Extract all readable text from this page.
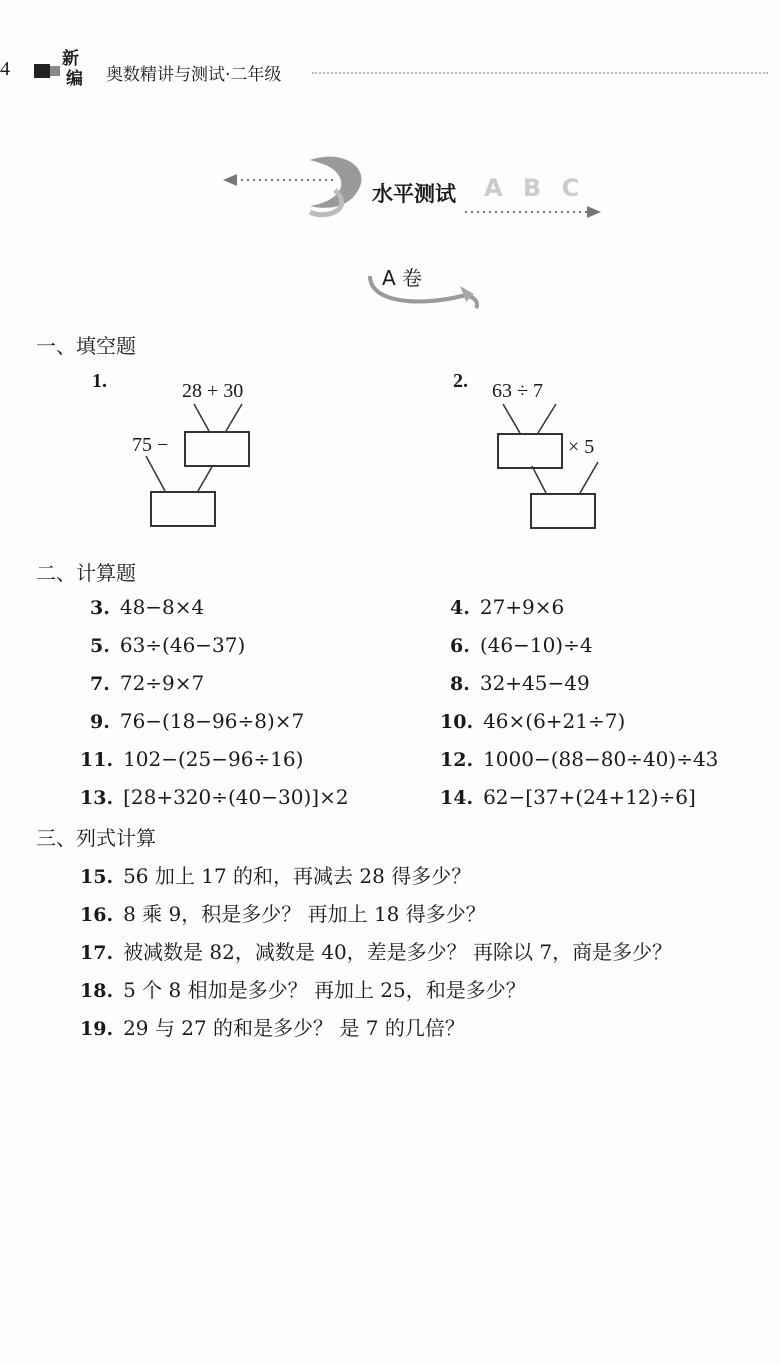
4	新
编 奥数精讲与测试·二年级
水平测试 A B C
A 卷
一、填空题
1.	28 + 30
75 −
2. 63 ÷ 7
× 5
二、计算题
3. 48−8×4	4. 27+9×6
5. 63÷(46−37)	6. (46−10)÷4
7. 72÷9×7	8. 32+45−49
9. 76−(18−96÷8)×7	10. 46×(6+21÷7)
11. 102−(25−96÷16)	12. 1000−(88−80÷40)÷43
13. [28+320÷(40−30)]×2	14. 62−[37+(24+12)÷6]
三、列式计算
15. 56 加上 17 的和，再减去 28 得多少？
16. 8 乘 9，积是多少？ 再加上 18 得多少？
17. 被减数是 82，减数是 40，差是多少？ 再除以 7，商是多少？
18. 5 个 8 相加是多少？ 再加上 25，和是多少？
19. 29 与 27 的和是多少？ 是 7 的几倍？
